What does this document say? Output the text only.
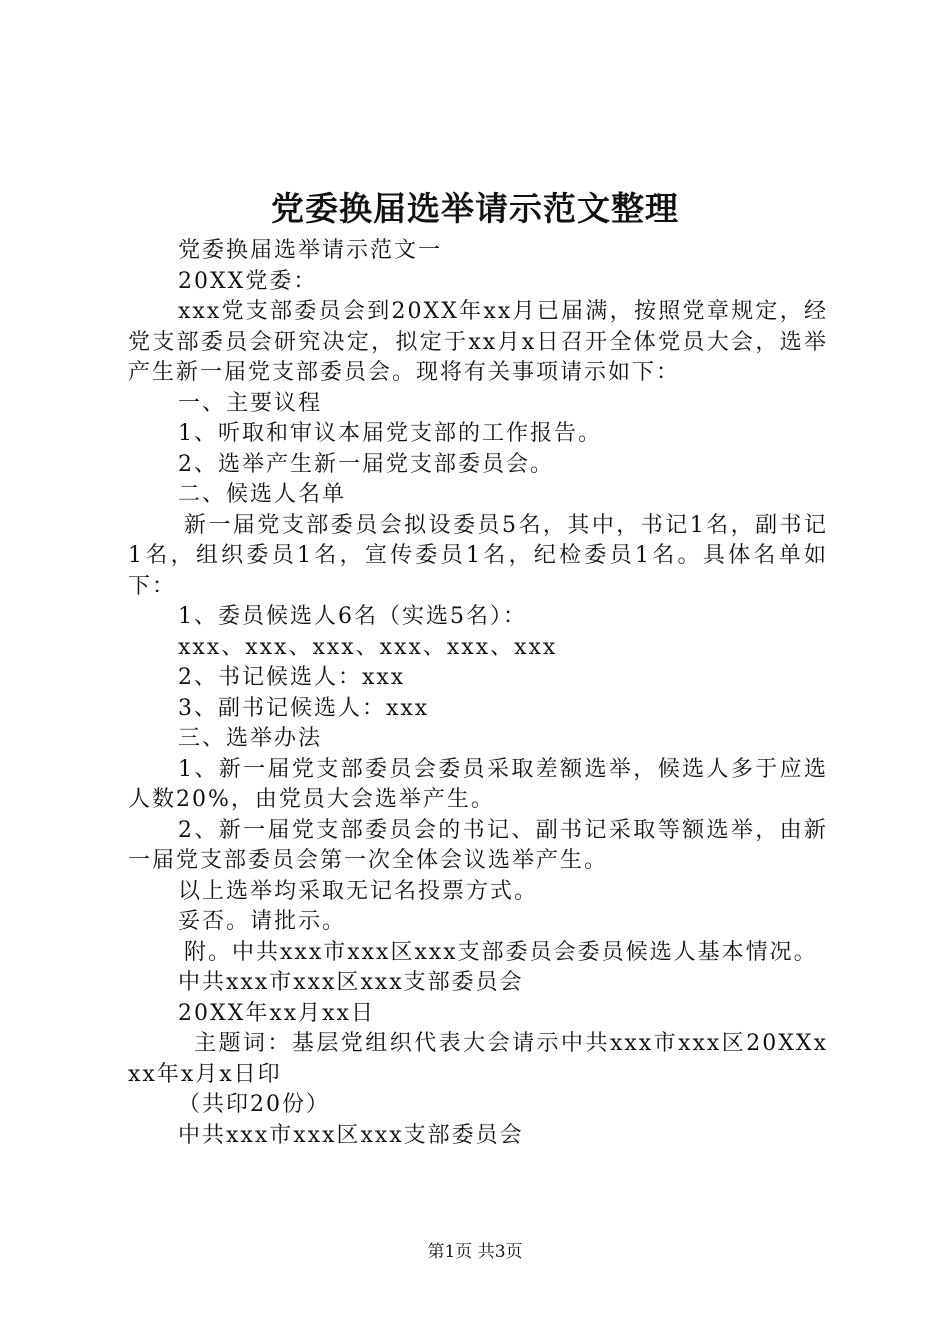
党委换届选举请示范文整理

党委换届选举请示范文一

20XX党委：

xxx党支部委员会到20XX年xx月已届满，按照党章规定，经党支部委员会研究决定，拟定于xx月x日召开全体党员大会，选举产生新一届党支部委员会。现将有关事项请示如下：

一、主要议程

1、听取和审议本届党支部的工作报告。

2、选举产生新一届党支部委员会。

二、候选人名单

新一届党支部委员会拟设委员5名，其中，书记1名，副书记1名，组织委员1名，宣传委员1名，纪检委员1名。具体名单如下：

1、委员候选人6名（实选5名）：

xxx、xxx、xxx、xxx、xxx、xxx

2、书记候选人：xxx

3、副书记候选人：xxx

三、选举办法

1、新一届党支部委员会委员采取差额选举，候选人多于应选人数20%，由党员大会选举产生。

2、新一届党支部委员会的书记、副书记采取等额选举，由新一届党支部委员会第一次全体会议选举产生。

以上选举均采取无记名投票方式。

妥否。请批示。

附。中共xxx市xxx区xxx支部委员会委员候选人基本情况。

中共xxx市xxx区xxx支部委员会

20XX年xx月xx日

主题词：基层党组织代表大会请示中共xxx市xxx区20XXxxx年x月x日印

（共印20份）

中共xxx市xxx区xxx支部委员会

第1页 共3页
